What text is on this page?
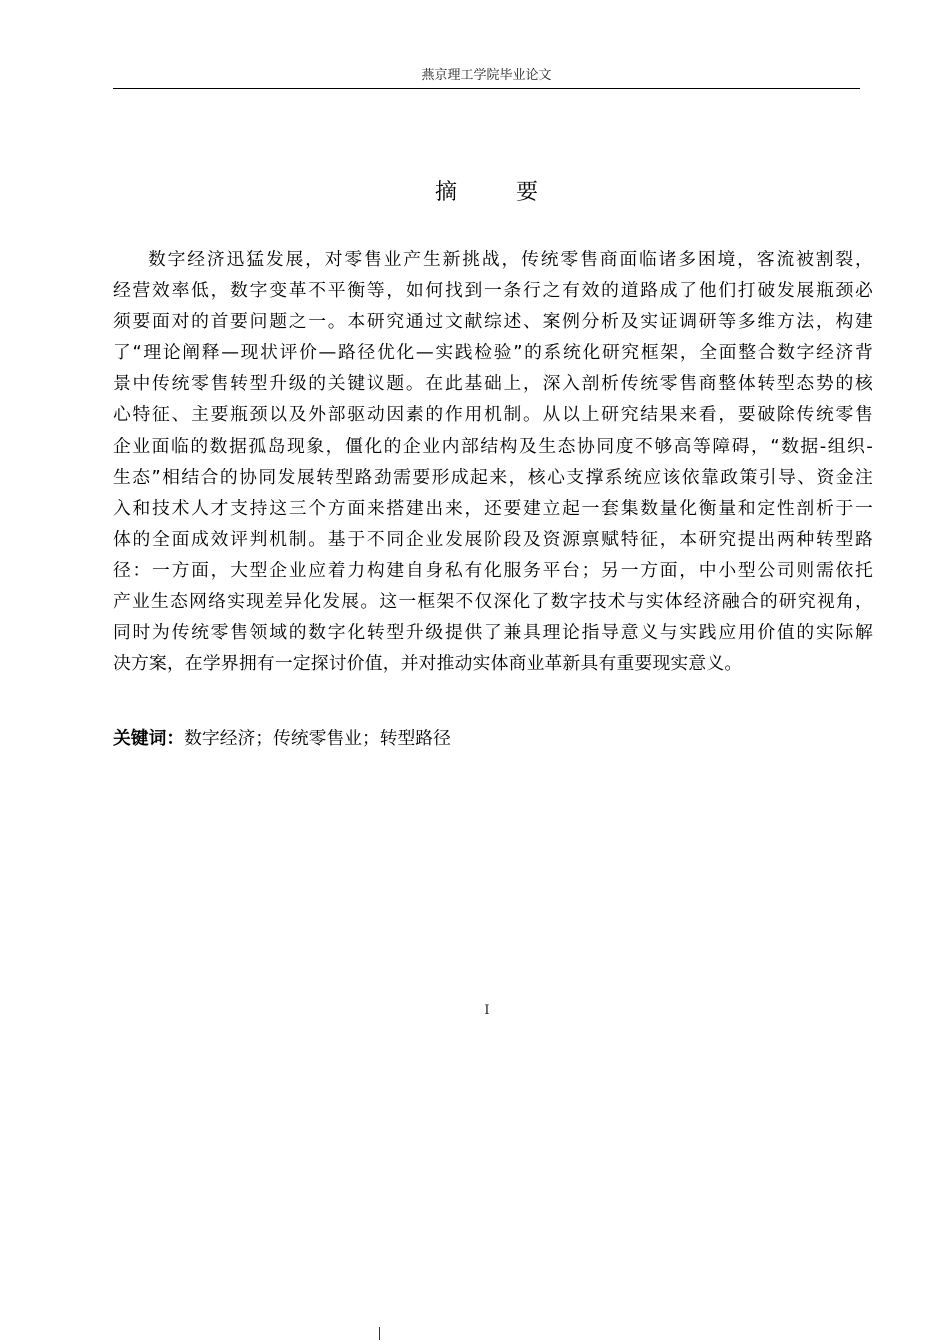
燕京理工学院毕业论文
摘 要
数字经济迅猛发展，对零售业产生新挑战，传统零售商面临诸多困境，客流被割裂，
经营效率低，数字变革不平衡等，如何找到一条行之有效的道路成了他们打破发展瓶颈必
须要面对的首要问题之一。本研究通过文献综述、案例分析及实证调研等多维方法，构建
了“理论阐释—现状评价—路径优化—实践检验”的系统化研究框架，全面整合数字经济背
景中传统零售转型升级的关键议题。在此基础上，深入剖析传统零售商整体转型态势的核
心特征、主要瓶颈以及外部驱动因素的作用机制。从以上研究结果来看，要破除传统零售
企业面临的数据孤岛现象，僵化的企业内部结构及生态协同度不够高等障碍，“数据-组织-
生态”相结合的协同发展转型路劲需要形成起来，核心支撑系统应该依靠政策引导、资金注
入和技术人才支持这三个方面来搭建出来，还要建立起一套集数量化衡量和定性剖析于一
体的全面成效评判机制。基于不同企业发展阶段及资源禀赋特征，本研究提出两种转型路
径：一方面，大型企业应着力构建自身私有化服务平台；另一方面，中小型公司则需依托
产业生态网络实现差异化发展。这一框架不仅深化了数字技术与实体经济融合的研究视角，
同时为传统零售领域的数字化转型升级提供了兼具理论指导意义与实践应用价值的实际解
决方案，在学界拥有一定探讨价值，并对推动实体商业革新具有重要现实意义。
关键词：数字经济；传统零售业；转型路径
I
